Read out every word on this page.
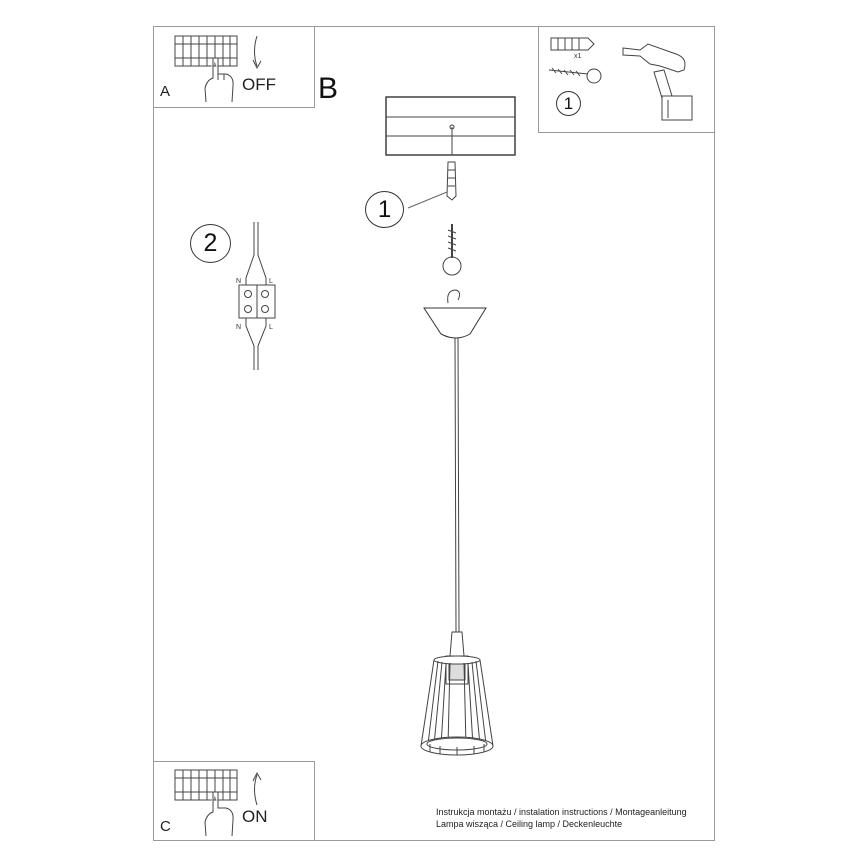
A	OFF
C
ON
x1
1
B
1
2
N	L
N	L
Instrukcja montażu / instalation instructions / Montageanleitung
Lampa wisząca / Ceiling lamp / Deckenleuchte
